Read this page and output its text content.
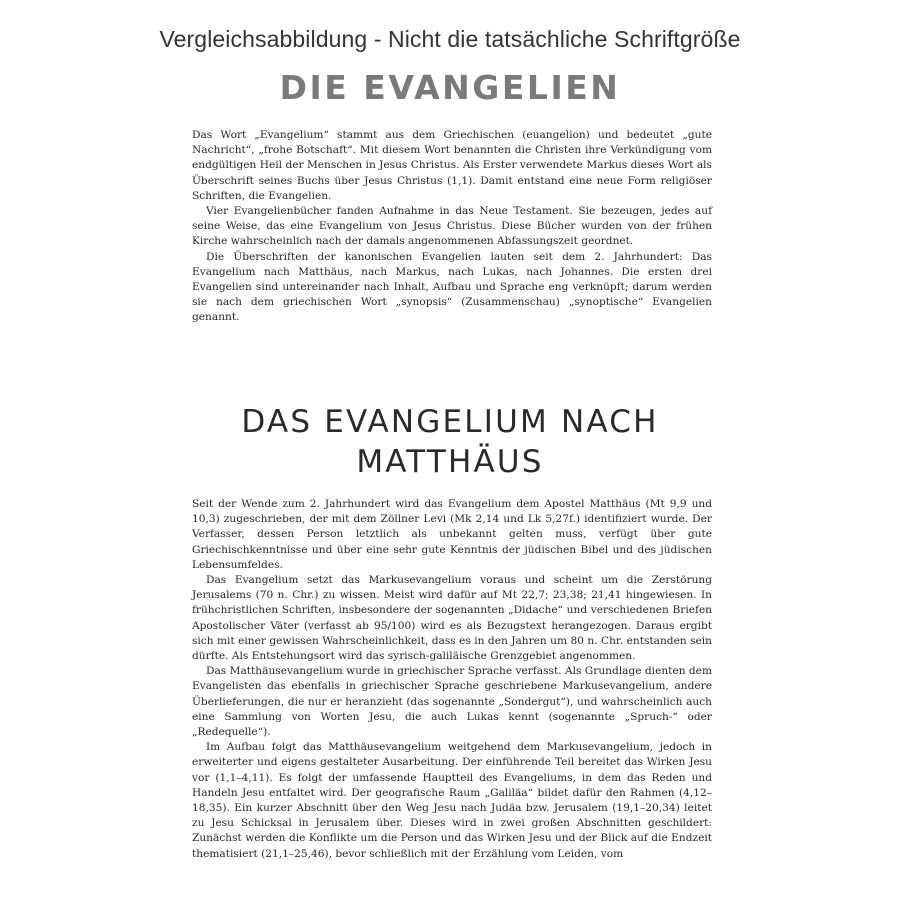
Vergleichsabbildung - Nicht die tatsächliche Schriftgröße
DIE EVANGELIEN

Das Wort „Evangelium“ stammt aus dem Griechischen (euangelion) und bedeutet „gute Nachricht“, „frohe Botschaft“. Mit diesem Wort benannten die Christen ihre Verkündigung vom endgültigen Heil der Menschen in Jesus Christus. Als Erster verwendete Markus dieses Wort als Überschrift seines Buchs über Jesus Christus (1,1). Damit entstand eine neue Form religiöser Schriften, die Evangelien.

Vier Evangelienbücher fanden Aufnahme in das Neue Testament. Sie bezeugen, jedes auf seine Weise, das eine Evangelium von Jesus Christus. Diese Bücher wurden von der frühen Kirche wahrscheinlich nach der damals angenommenen Abfassungszeit geordnet.

Die Überschriften der kanonischen Evangelien lauten seit dem 2. Jahrhundert: Das Evangelium nach Matthäus, nach Markus, nach Lukas, nach Johannes. Die ersten drei Evangelien sind untereinander nach Inhalt, Aufbau und Sprache eng verknüpft; darum werden sie nach dem griechischen Wort „synopsis“ (Zusammenschau) „synoptische“ Evangelien genannt.

DAS EVANGELIUM NACH
MATTHÄUS

Seit der Wende zum 2. Jahrhundert wird das Evangelium dem Apostel Matthäus (Mt 9,9 und 10,3) zugeschrieben, der mit dem Zöllner Levi (Mk 2,14 und Lk 5,27f.) identifiziert wurde. Der Verfasser, dessen Person letztlich als unbekannt gelten muss, verfügt über gute Griechischkenntnisse und über eine sehr gute Kenntnis der jüdischen Bibel und des jüdischen Lebensumfeldes.

Das Evangelium setzt das Markusevangelium voraus und scheint um die Zerstörung Jerusalems (70 n. Chr.) zu wissen. Meist wird dafür auf Mt 22,7; 23,38; 21,41 hingewiesen. In frühchristlichen Schriften, insbesondere der sogenannten „Didache“ und verschiedenen Briefen Apostolischer Väter (verfasst ab 95/100) wird es als Bezugstext herangezogen. Daraus ergibt sich mit einer gewissen Wahrscheinlichkeit, dass es in den Jahren um 80 n. Chr. entstanden sein dürfte. Als Entstehungsort wird das syrisch-galiläische Grenzgebiet angenommen.

Das Matthäusevangelium wurde in griechischer Sprache verfasst. Als Grundlage dienten dem Evangelisten das ebenfalls in griechischer Sprache geschriebene Markusevangelium, andere Überlieferungen, die nur er heranzieht (das sogenannte „Sondergut“), und wahrscheinlich auch eine Sammlung von Worten Jesu, die auch Lukas kennt (sogenannte „Spruch-“ oder „Redequelle“).

Im Aufbau folgt das Matthäusevangelium weitgehend dem Markusevangelium, jedoch in erweiterter und eigens gestalteter Ausarbeitung. Der einführende Teil bereitet das Wirken Jesu vor (1,1–4,11). Es folgt der umfassende Hauptteil des Evangeliums, in dem das Reden und Handeln Jesu entfaltet wird. Der geografische Raum „Galiläa“ bildet dafür den Rahmen (4,12–18,35). Ein kurzer Abschnitt über den Weg Jesu nach Judäa bzw. Jerusalem (19,1–20,34) leitet zu Jesu Schicksal in Jerusalem über. Dieses wird in zwei großen Abschnitten geschildert: Zunächst werden die Konflikte um die Person und das Wirken Jesu und der Blick auf die Endzeit thematisiert (21,1–25,46), bevor schließlich mit der Erzählung vom Leiden, vom
